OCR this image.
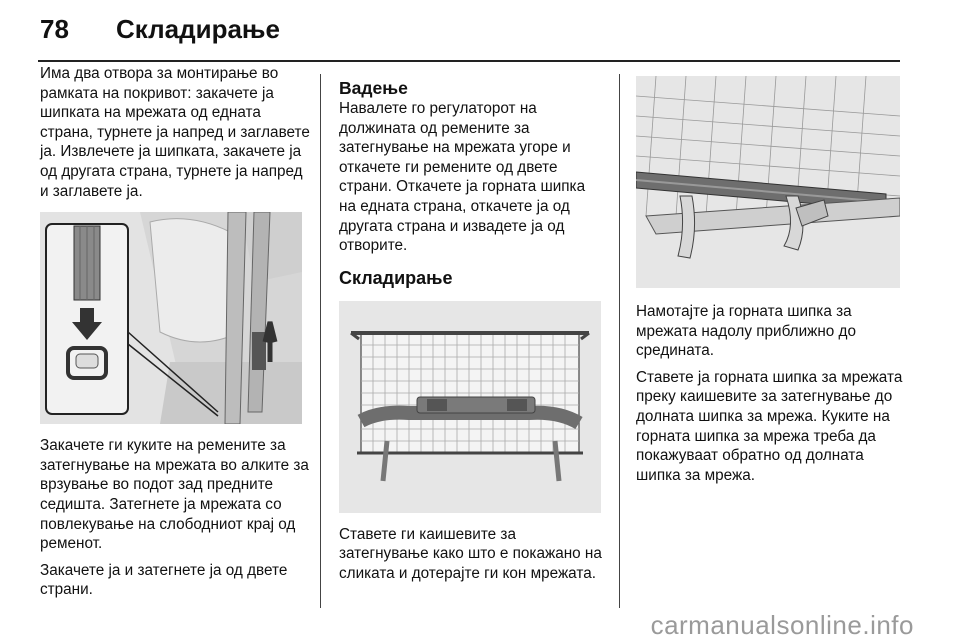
78 Складирање

Има два отвора за монтирање во рамката на покривот: закачете ја шипката на мрежата од едната страна, турнете ја напред и заглавете ја. Извлечете ја шипката, закачете ја од другата страна, турнете ја напред и заглавете ја.

Закачете ги куките на ремените за затегнување на мрежата во алките за врзување во подот зад предните седишта. Затегнете ја мрежата со повлекување на слободниот крај од ременот.

Закачете ја и затегнете ја од двете страни.

Вадење

Навалете го регулаторот на должината од ремените за затегнување на мрежата угоре и откачете ги ремените од двете страни. Откачете ја горната шипка на едната страна, откачете ја од другата страна и извадете ја од отворите.

Складирање

Ставете ги каишевите за затегнување како што е покажано на сликата и дотерајте ги кон мрежата.

Намотајте ја горната шипка за мрежата надолу приближно до средината.

Ставете ја горната шипка за мрежата преку каишевите за затегнување до долната шипка за мрежа. Куките на горната шипка за мрежа треба да покажуваат обратно од долната шипка за мрежа.

carmanualsonline.info
